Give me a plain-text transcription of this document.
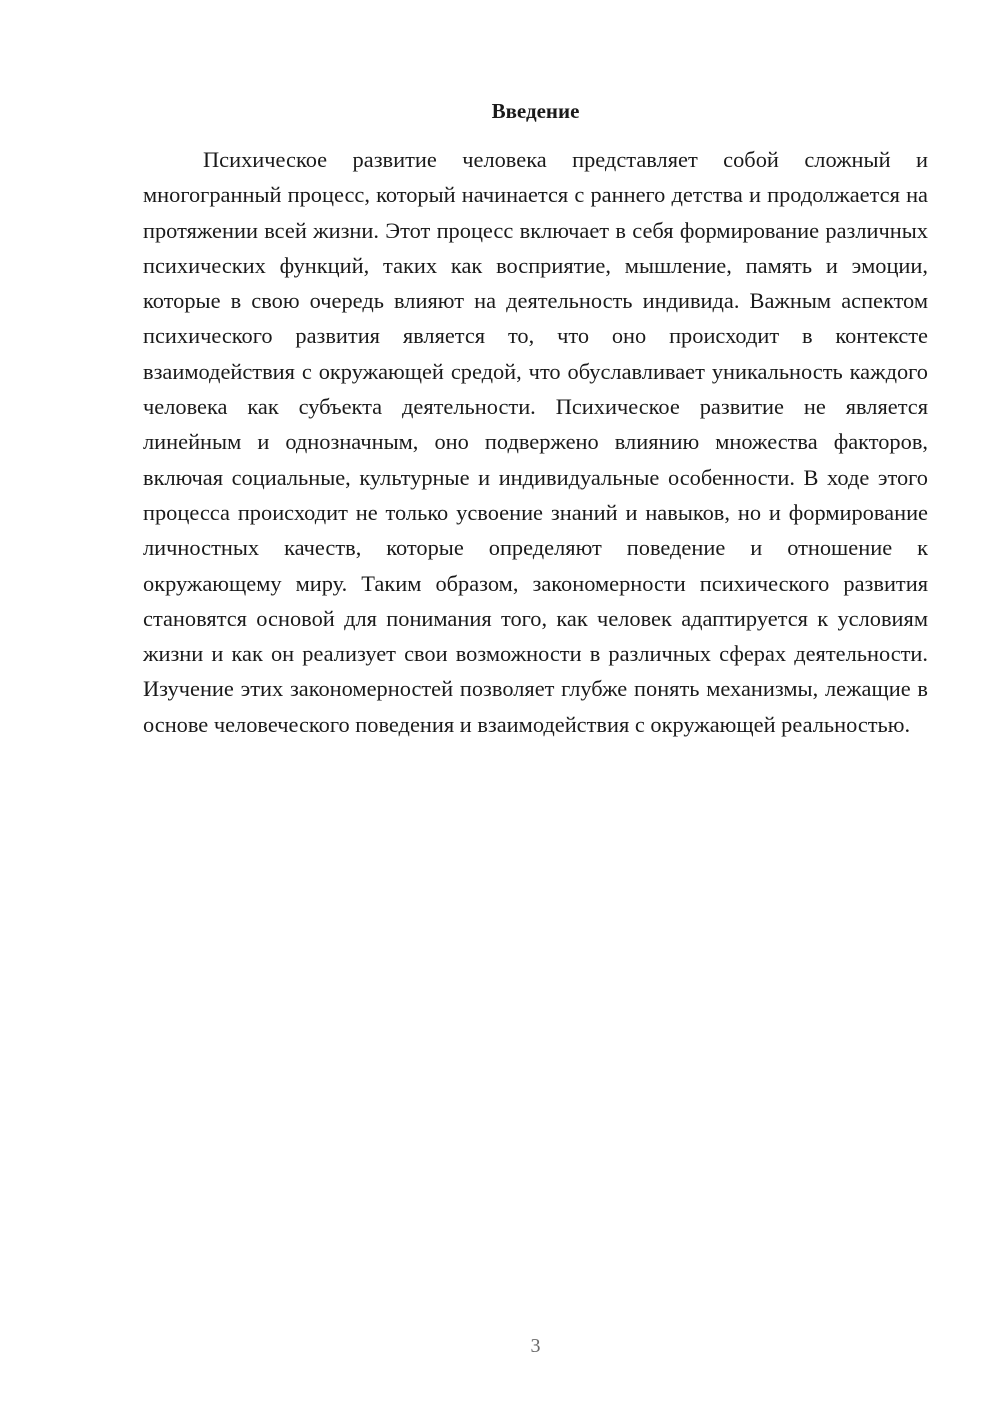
Введение

Психическое развитие человека представляет собой сложный и многогранный процесс, который начинается с раннего детства и продолжается на протяжении всей жизни. Этот процесс включает в себя формирование различных психических функций, таких как восприятие, мышление, память и эмоции, которые в свою очередь влияют на деятельность индивида. Важным аспектом психического развития является то, что оно происходит в контексте взаимодействия с окружающей средой, что обуславливает уникальность каждого человека как субъекта деятельности. Психическое развитие не является линейным и однозначным, оно подвержено влиянию множества факторов, включая социальные, культурные и индивидуальные особенности. В ходе этого процесса происходит не только усвоение знаний и навыков, но и формирование личностных качеств, которые определяют поведение и отношение к окружающему миру. Таким образом, закономерности психического развития становятся основой для понимания того, как человек адаптируется к условиям жизни и как он реализует свои возможности в различных сферах деятельности. Изучение этих закономерностей позволяет глубже понять механизмы, лежащие в основе человеческого поведения и взаимодействия с окружающей реальностью.

3
